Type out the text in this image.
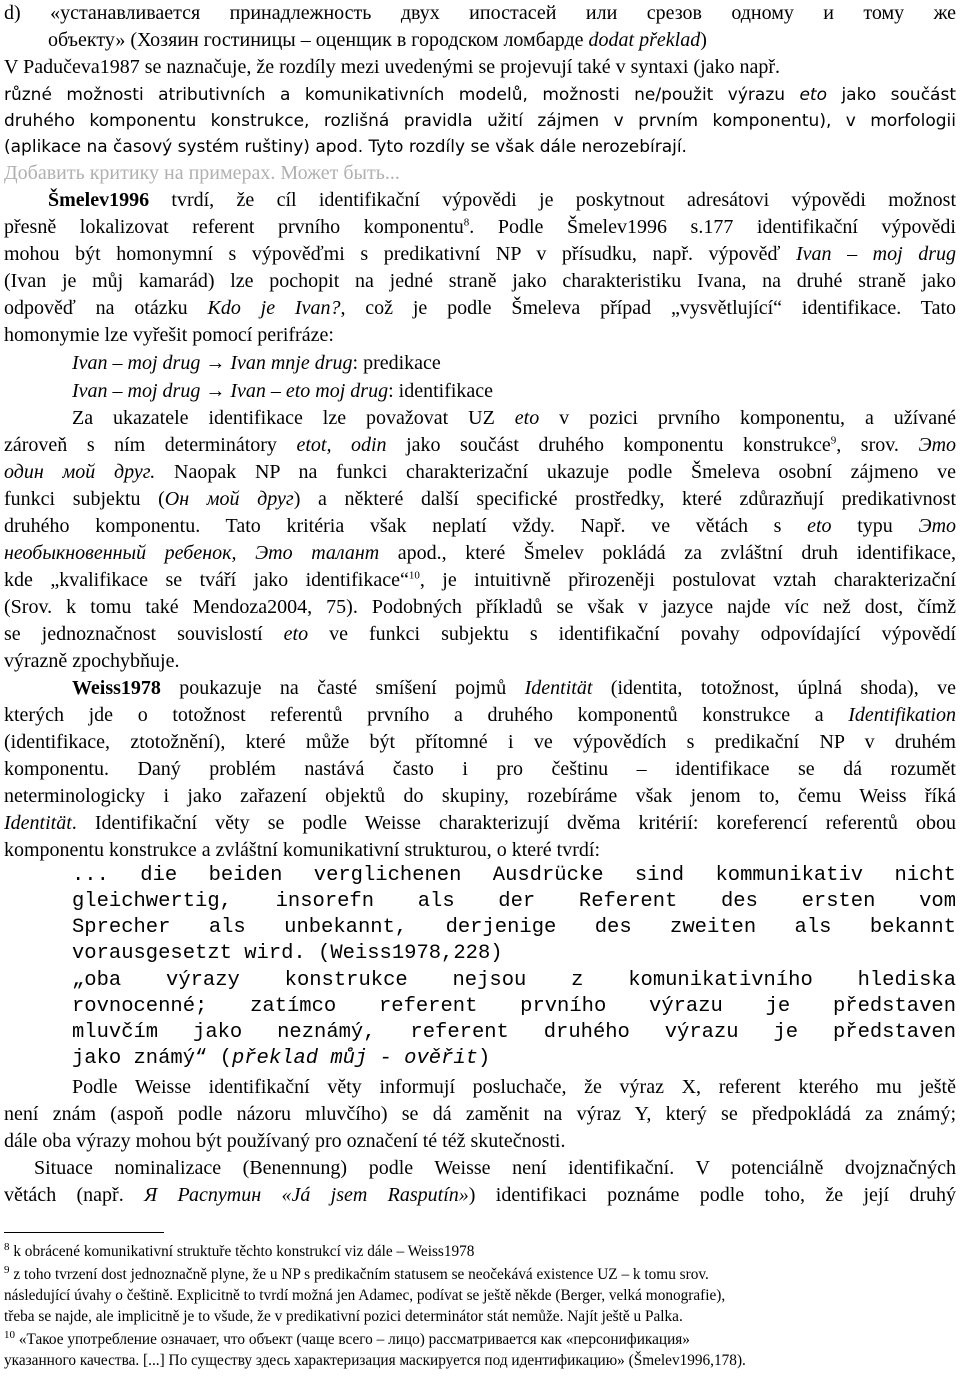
d) «устанавливается принадлежность двух ипостасей или срезов одному и тому же
объекту» (Хозяин гостиницы – оценщик в городском ломбарде dodat překlad)
V Padučeva1987 se naznačuje, že rozdíly mezi uvedenými se projevují také v syntaxi (jako např.
různé možnosti atributivních a komunikativních modelů, možnosti ne/použit výrazu eto jako součást
druhého komponentu konstrukce, rozlišná pravidla užití zájmen v prvním komponentu), v morfologii
(aplikace na časový systém ruštiny) apod. Tyto rozdíly se však dále nerozebírají.
Добавить критику на примерах. Может быть...
Šmelev1996 tvrdí, že cíl identifikační výpovědi je poskytnout adresátovi výpovědi možnost
přesně lokalizovat referent prvního komponentu$^8$. Podle Šmelev1996 s.177 identifikační výpovědi
mohou být homonymní s výpověďmi s predikativní NP v přísudku, např. výpověď Ivan – moj drug
(Ivan je můj kamarád) lze pochopit na jedné straně jako charakteristiku Ivana, na druhé straně jako
odpověď na otázku Kdo je Ivan?, což je podle Šmeleva případ „vysvětlující“ identifikace. Tato
homonymie lze vyřešit pomocí perifráze:
Ivan – moj drug → Ivan mnje drug: predikace
Ivan – moj drug → Ivan – eto moj drug: identifikace
Za ukazatele identifikace lze považovat UZ eto v pozici prvního komponentu, a užívané
zároveň s ním determinátory etot, odin jako součást druhého komponentu konstrukce$^9$, srov. Это
один мой друг. Naopak NP na funkci charakterizační ukazuje podle Šmeleva osobní zájmeno ve
funkci subjektu (Он мой друг) a některé další specifické prostředky, které zdůrazňují predikativnost
druhého komponentu. Tato kritéria však neplatí vždy. Např. ve větách s eto typu Это
необыкновенный ребенок, Это талант apod., které Šmelev pokládá za zvláštní druh identifikace,
kde „kvalifikace se tváří jako identifikace“$^{10}$, je intuitivně přirozeněji postulovat vztah charakterizační
(Srov. k tomu také Mendoza2004, 75). Podobných příkladů se však v jazyce najde víc než dost, čímž
se jednoznačnost souvislostí eto ve funkci subjektu s identifikační povahy odpovídající výpovědí
výrazně zpochybňuje.
Weiss1978 poukazuje na časté smíšení pojmů Identität (identita, totožnost, úplná shoda), ve
kterých jde o totožnost referentů prvního a druhého komponentů konstrukce a Identifikation
(identifikace, ztotožnění), které může být přítomné i ve výpovědích s predikační NP v druhém
komponentu. Daný problém nastává často i pro češtinu – identifikace se dá rozumět
neterminologicky i jako zařazení objektů do skupiny, rozebíráme však jenom to, čemu Weiss říká
Identität. Identifikační věty se podle Weisse charakterizují dvěma kritérií: koreferencí referentů obou
komponentu konstrukce a zvláštní komunikativní strukturou, o které tvrdí:
... die beiden verglichenen Ausdrücke sind kommunikativ nicht
gleichwertig, insorefn als der Referent des ersten vom
Sprecher als unbekannt, derjenige des zweiten als bekannt
vorausgesetzt wird. (Weiss1978,228)
„oba výrazy konstrukce nejsou z komunikativního hlediska
rovnocenné; zatímco referent prvního výrazu je představen
mluvčím jako neznámý, referent druhého výrazu je představen
jako známý“ (překlad můj - ověřit)
Podle Weisse identifikační věty informují posluchače, že výraz X, referent kterého mu ještě
není znám (aspoň podle názoru mluvčího) se dá zaměnit na výraz Y, který se předpokládá za známý;
dále oba výrazy mohou být používaný pro označení té též skutečnosti.
Situace nominalizace (Benennung) podle Weisse není identifikační. V potenciálně dvojznačných
větách (např. Я Распутин «Já jsem Rasputín») identifikaci poznáme podle toho, že její druhý
$^8$ k obrácené komunikativní struktuře těchto konstrukcí viz dále – Weiss1978
$^9$ z toho tvrzení dost jednoznačně plyne, že u NP s predikačním statusem se neočekává existence UZ – k tomu srov.
následující úvahy o češtině. Explicitně to tvrdí možná jen Adamec, podívat se ještě někde (Berger, velká monografie),
třeba se najde, ale implicitně je to všude, že v predikativní pozici determinátor stát nemůže. Najít ještě u Palka.
$^{10}$ «Такое употребление означает, что объект (чаще всего – лицо) рассматривается как «персонификация»
указанного качества. [...] По существу здесь характеризация маскируется под идентификацию» (Šmelev1996,178).
